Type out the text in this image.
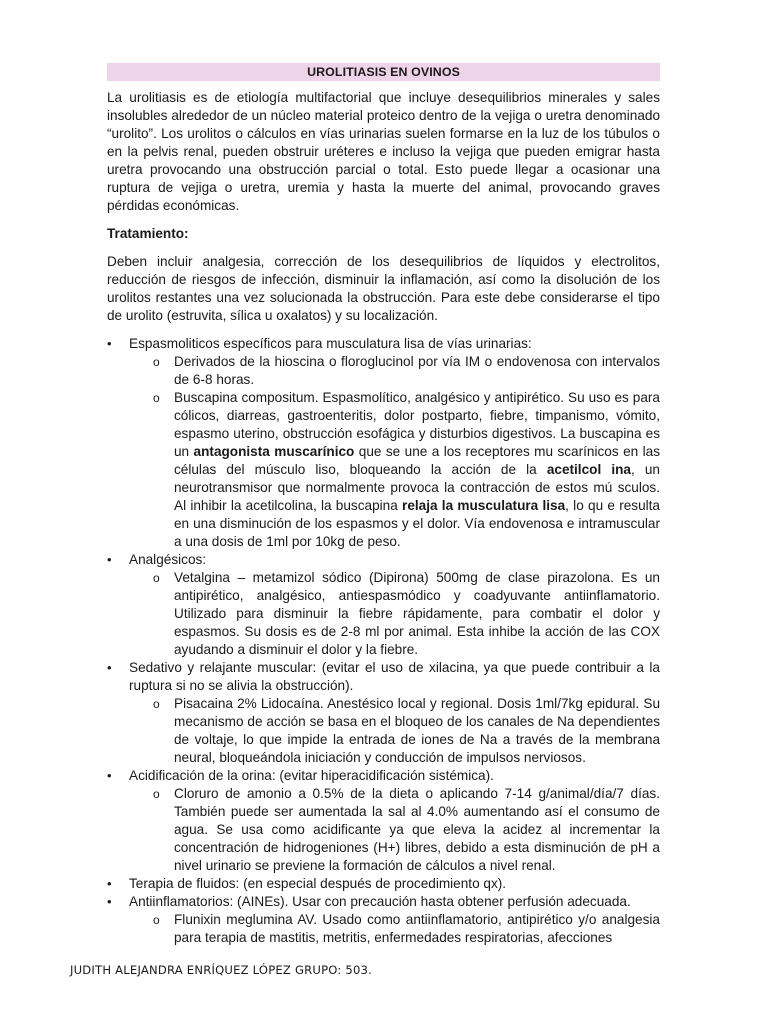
UROLITIASIS EN OVINOS

La urolitiasis es de etiología multifactorial que incluye desequilibrios minerales y sales insolubles alrededor de un núcleo material proteico dentro de la vejiga o uretra denominado “urolito”. Los urolitos o cálculos en vías urinarias suelen formarse en la luz de los túbulos o en la pelvis renal, pueden obstruir uréteres e incluso la vejiga que pueden emigrar hasta uretra provocando una obstrucción parcial o total. Esto puede llegar a ocasionar una ruptura de vejiga o uretra, uremia y hasta la muerte del animal, provocando graves pérdidas económicas.

Tratamiento:

Deben incluir analgesia, corrección de los desequilibrios de líquidos y electrolitos, reducción de riesgos de infección, disminuir la inflamación, así como la disolución de los urolitos restantes una vez solucionada la obstrucción. Para este debe considerarse el tipo de urolito (estruvita, sílica u oxalatos) y su localización.

• Espasmoliticos específicos para musculatura lisa de vías urinarias:
o Derivados de la hioscina o floroglucinol por vía IM o endovenosa con intervalos de 6-8 horas.
o Buscapina compositum. Espasmolítico, analgésico y antipirético. Su uso es para cólicos, diarreas, gastroenteritis, dolor postparto, fiebre, timpanismo, vómito, espasmo uterino, obstrucción esofágica y disturbios digestivos. La buscapina es un antagonista muscarínico que se une a los receptores mu scarínicos en las células del músculo liso, bloqueando la acción de la acetilcol ina, un neurotransmisor que normalmente provoca la contracción de estos mú sculos. Al inhibir la acetilcolina, la buscapina relaja la musculatura lisa, lo qu e resulta en una disminución de los espasmos y el dolor. Vía endovenosa e intramuscular a una dosis de 1ml por 10kg de peso.
• Analgésicos:
o Vetalgina – metamizol sódico (Dipirona) 500mg de clase pirazolona. Es un antipirético, analgésico, antiespasmódico y coadyuvante antiinflamatorio. Utilizado para disminuir la fiebre rápidamente, para combatir el dolor y espasmos. Su dosis es de 2-8 ml por animal. Esta inhibe la acción de las COX ayudando a disminuir el dolor y la fiebre.
• Sedativo y relajante muscular: (evitar el uso de xilacina, ya que puede contribuir a la ruptura si no se alivia la obstrucción).
o Pisacaina 2% Lidocaína. Anestésico local y regional. Dosis 1ml/7kg epidural. Su mecanismo de acción se basa en el bloqueo de los canales de Na dependientes de voltaje, lo que impide la entrada de iones de Na a través de la membrana neural, bloqueándola iniciación y conducción de impulsos nerviosos.
• Acidificación de la orina: (evitar hiperacidificación sistémica).
o Cloruro de amonio a 0.5% de la dieta o aplicando 7-14 g/animal/día/7 días. También puede ser aumentada la sal al 4.0% aumentando así el consumo de agua. Se usa como acidificante ya que eleva la acidez al incrementar la concentración de hidrogeniones (H+) libres, debido a esta disminución de pH a nivel urinario se previene la formación de cálculos a nivel renal.
• Terapia de fluidos: (en especial después de procedimiento qx).
• Antiinflamatorios: (AINEs). Usar con precaución hasta obtener perfusión adecuada.
o Flunixin meglumina AV. Usado como antiinflamatorio, antipirético y/o analgesia para terapia de mastitis, metritis, enfermedades respiratorias, afecciones
JUDITH ALEJANDRA ENRÍQUEZ LÓPEZ GRUPO: 503.
